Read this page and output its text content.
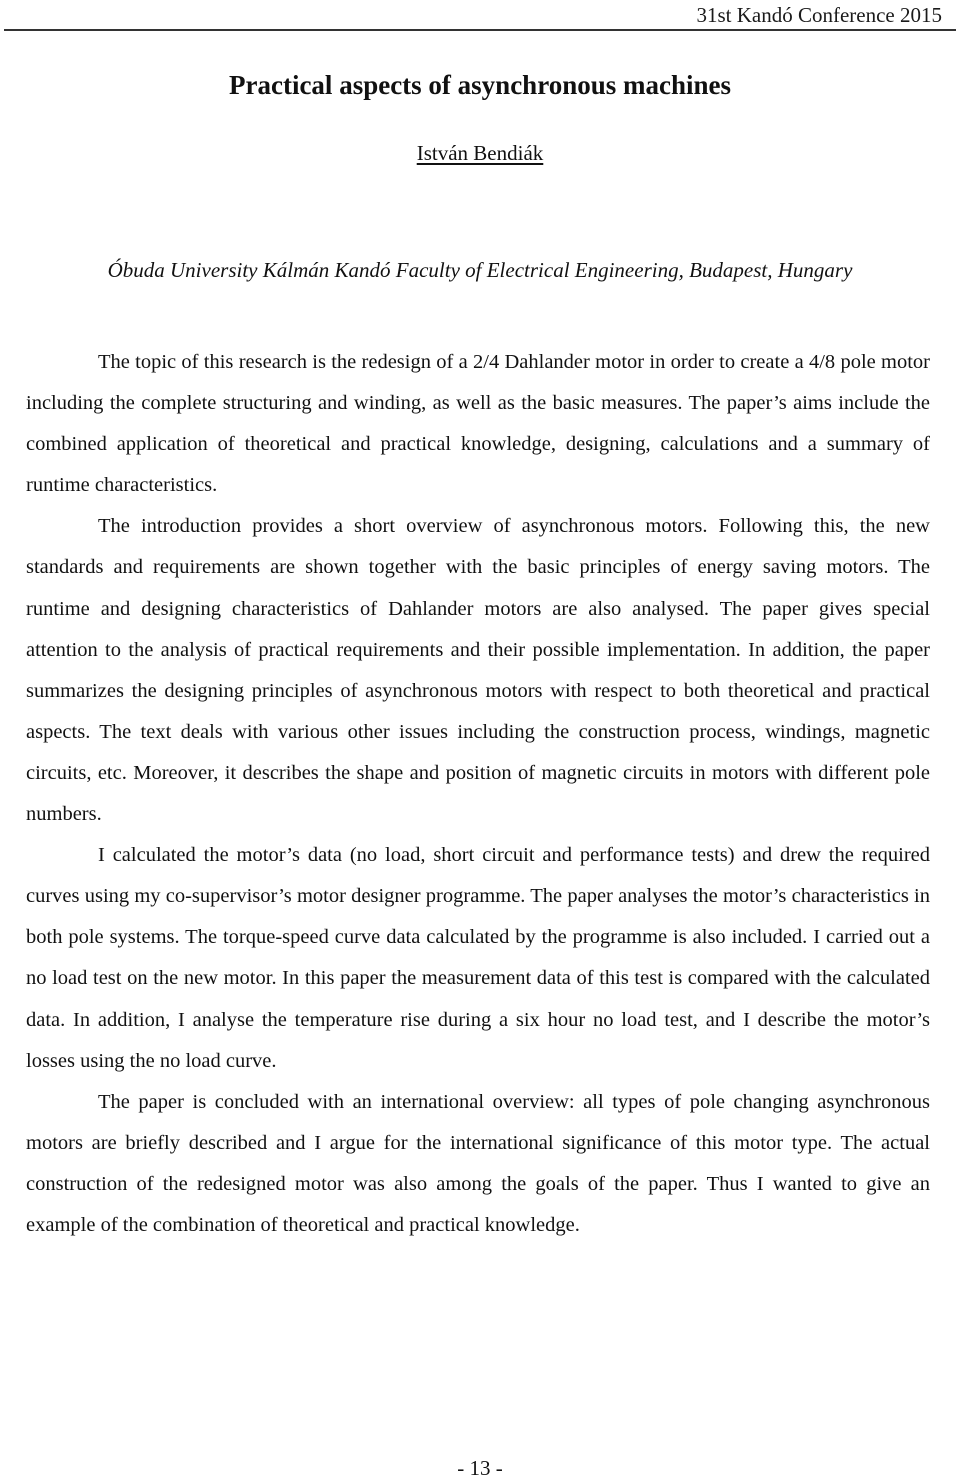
31st Kandó Conference 2015
Practical aspects of asynchronous machines
István Bendiák
Óbuda University Kálmán Kandó Faculty of Electrical Engineering, Budapest, Hungary

The topic of this research is the redesign of a 2/4 Dahlander motor in order to create a 4/8 pole motor including the complete structuring and winding, as well as the basic measures. The paper’s aims include the combined application of theoretical and practical knowledge, designing, calculations and a summary of runtime characteristics.

The introduction provides a short overview of asynchronous motors. Following this, the new standards and requirements are shown together with the basic principles of energy saving motors. The runtime and designing characteristics of Dahlander motors are also analysed. The paper gives special attention to the analysis of practical requirements and their possible implementation. In addition, the paper summarizes the designing principles of asynchronous motors with respect to both theoretical and practical aspects. The text deals with various other issues including the construction process, windings, magnetic circuits, etc. Moreover, it describes the shape and position of magnetic circuits in motors with different pole numbers.

I calculated the motor’s data (no load, short circuit and performance tests) and drew the required curves using my co-supervisor’s motor designer programme. The paper analyses the motor’s characteristics in both pole systems. The torque-speed curve data calculated by the programme is also included. I carried out a no load test on the new motor. In this paper the measurement data of this test is compared with the calculated data. In addition, I analyse the temperature rise during a six hour no load test, and I describe the motor’s losses using the no load curve.

The paper is concluded with an international overview: all types of pole changing asynchronous motors are briefly described and I argue for the international significance of this motor type. The actual construction of the redesigned motor was also among the goals of the paper. Thus I wanted to give an example of the combination of theoretical and practical knowledge.

- 13 -
